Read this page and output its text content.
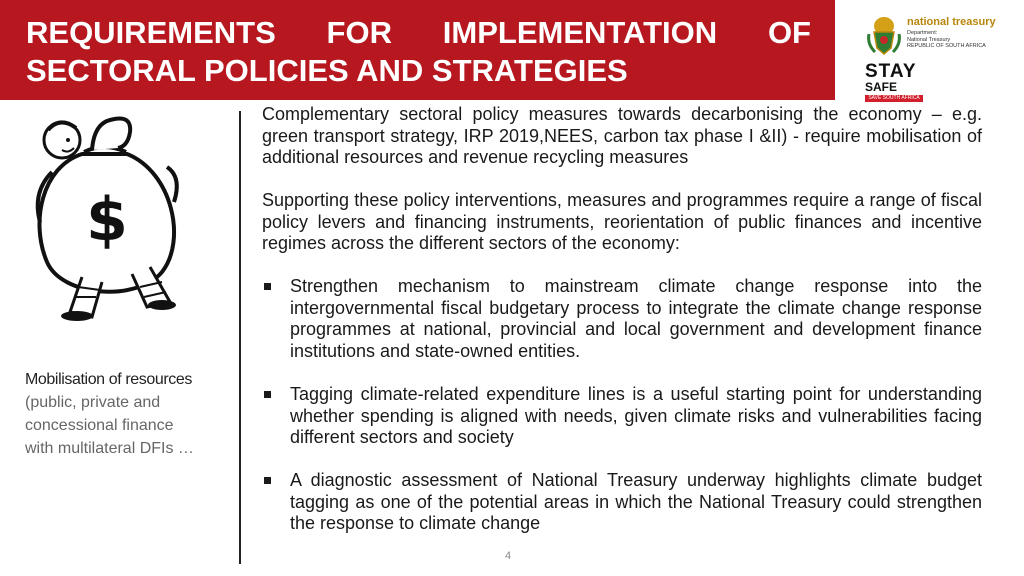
REQUIREMENTS FOR IMPLEMENTATION OF
SECTORAL POLICIES AND STRATEGIES
national treasury
Department:
National Treasury
REPUBLIC OF SOUTH AFRICA
STAY
SAFE
SAVE SOUTH AFRICA
$
Mobilisation of resources (public, private and concessional finance with multilateral DFIs …

Complementary sectoral policy measures towards decarbonising the economy – e.g. green transport strategy, IRP 2019,NEES, carbon tax phase I &II) - require mobilisation of additional resources and revenue recycling measures

Supporting these policy interventions, measures and programmes require a range of fiscal policy levers and financing instruments, reorientation of public finances and incentive regimes across the different sectors of the economy:

Strengthen mechanism to mainstream climate change response into the intergovernmental fiscal budgetary process to integrate the climate change response programmes at national, provincial and local government and development finance institutions and state-owned entities.

Tagging climate-related expenditure lines is a useful starting point for understanding whether spending is aligned with needs, given climate risks and vulnerabilities facing different sectors and society

A diagnostic assessment of National Treasury underway highlights climate budget tagging as one of the potential areas in which the National Treasury could strengthen the response to climate change

4
